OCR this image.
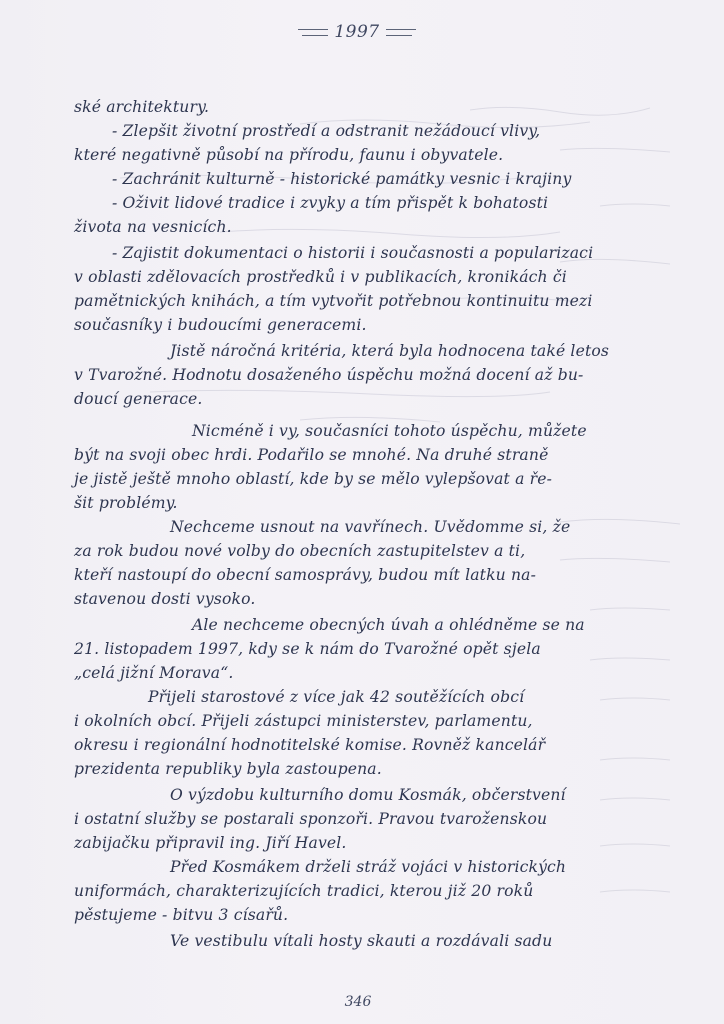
1997
ské architektury.
- Zlepšit životní prostředí a odstranit nežádoucí vlivy,
které negativně působí na přírodu, faunu i obyvatele.
- Zachránit kulturně - historické památky vesnic i krajiny
- Oživit lidové tradice i zvyky a tím přispět k bohatosti
života na vesnicích.
- Zajistit dokumentaci o historii i současnosti a popularizaci
v oblasti zdělovacích prostředků i v publikacích, kronikách či
pamětnických knihách, a tím vytvořit potřebnou kontinuitu mezi
současníky i budoucími generacemi.
Jistě náročná kritéria, která byla hodnocena také letos
v Tvarožné. Hodnotu dosaženého úspěchu možná docení až bu-
doucí generace.
Nicméně i vy, současníci tohoto úspěchu, můžete
být na svoji obec hrdi. Podařilo se mnohé. Na druhé straně
je jistě ještě mnoho oblastí, kde by se mělo vylepšovat a ře-
šit problémy.
Nechceme usnout na vavřínech. Uvědomme si, že
za rok budou nové volby do obecních zastupitelstev a ti,
kteří nastoupí do obecní samosprávy, budou mít latku na-
stavenou dosti vysoko.
Ale nechceme obecných úvah a ohlédněme se na
21. listopadem 1997, kdy se k nám do Tvarožné opět sjela
„celá jižní Morava“.
Přijeli starostové z více jak 42 soutěžících obcí
i okolních obcí. Přijeli zástupci ministerstev, parlamentu,
okresu i regionální hodnotitelské komise. Rovněž kancelář
prezidenta republiky byla zastoupena.
O výzdobu kulturního domu Kosmák, občerstvení
i ostatní služby se postarali sponzoři. Pravou tvaroženskou
zabijačku připravil ing. Jiří Havel.
Před Kosmákem drželi stráž vojáci v historických
uniformách, charakterizujících tradici, kterou již 20 roků
pěstujeme - bitvu 3 císařů.
Ve vestibulu vítali hosty skauti a rozdávali sadu
346
